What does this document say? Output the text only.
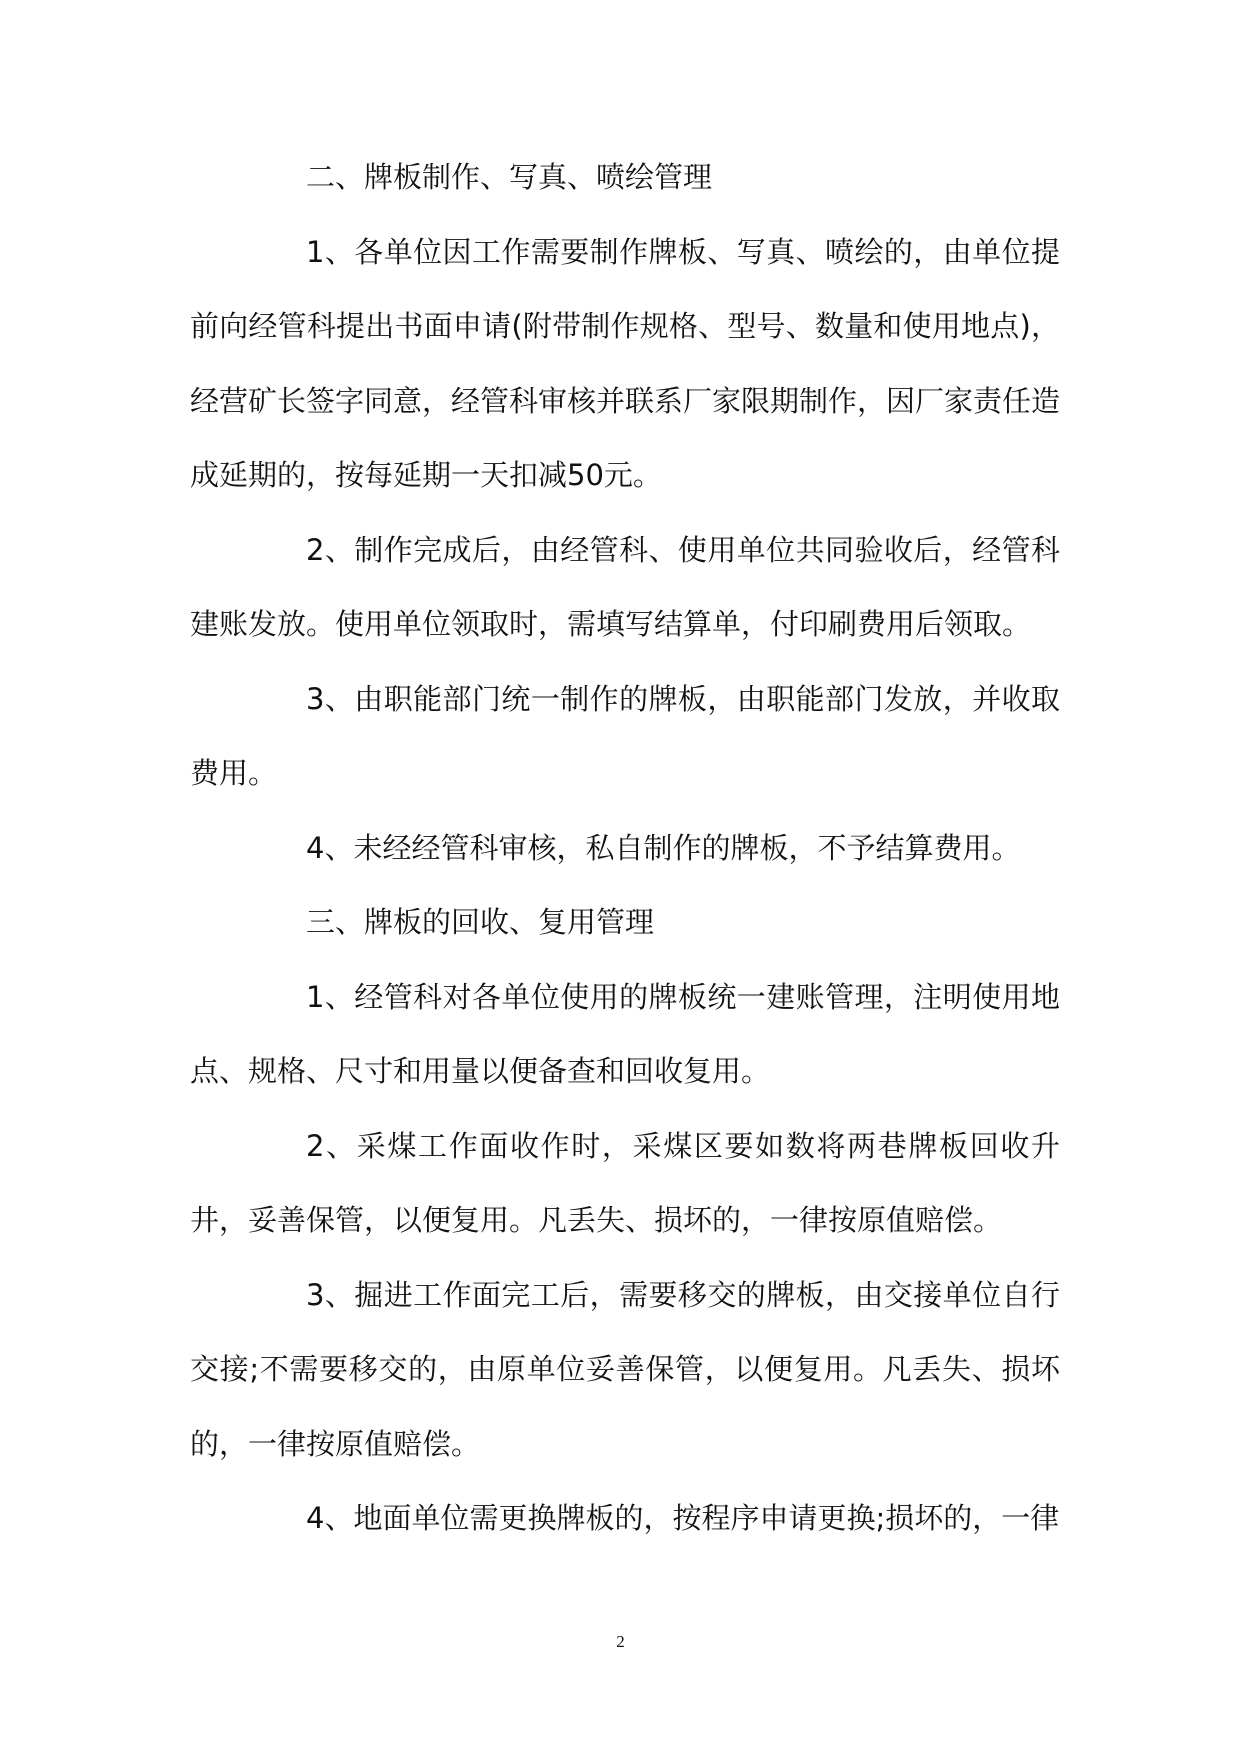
二、牌板制作、写真、喷绘管理

1、各单位因工作需要制作牌板、写真、喷绘的，由单位提前向经管科提出书面申请(附带制作规格、型号、数量和使用地点)，经营矿长签字同意，经管科审核并联系厂家限期制作，因厂家责任造成延期的，按每延期一天扣减50元。

2、制作完成后，由经管科、使用单位共同验收后，经管科建账发放。使用单位领取时，需填写结算单，付印刷费用后领取。

3、由职能部门统一制作的牌板，由职能部门发放，并收取费用。

4、未经经管科审核，私自制作的牌板，不予结算费用。

三、牌板的回收、复用管理

1、经管科对各单位使用的牌板统一建账管理，注明使用地点、规格、尺寸和用量以便备查和回收复用。

2、采煤工作面收作时，采煤区要如数将两巷牌板回收升井，妥善保管，以便复用。凡丢失、损坏的，一律按原值赔偿。

3、掘进工作面完工后，需要移交的牌板，由交接单位自行交接;不需要移交的，由原单位妥善保管，以便复用。凡丢失、损坏的，一律按原值赔偿。

4、地面单位需更换牌板的，按程序申请更换;损坏的，一律

2
